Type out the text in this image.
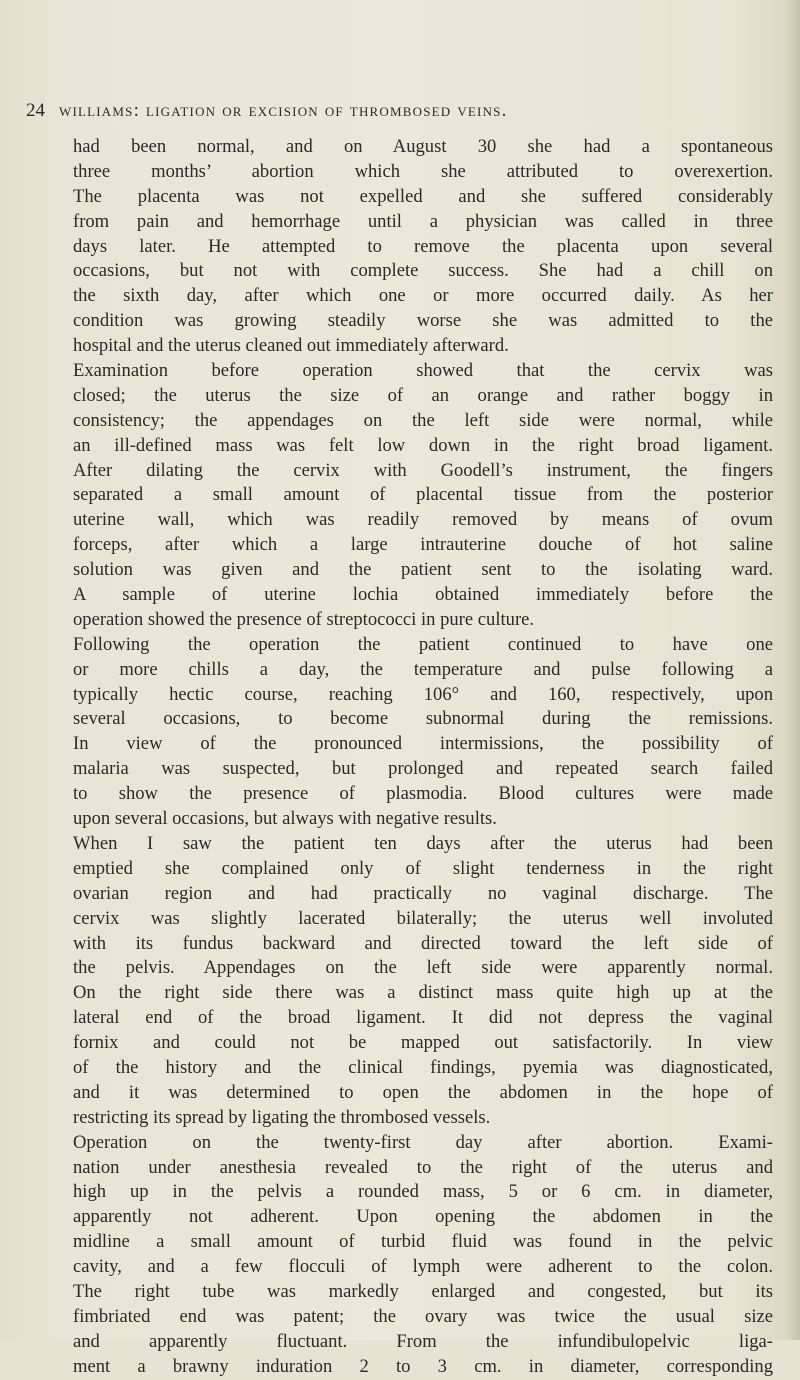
24 williams: ligation or excision of thrombosed veins.
had been normal, and on August 30 she had a spontaneous
three months’ abortion which she attributed to overexertion.
The placenta was not expelled and she suffered considerably
from pain and hemorrhage until a physician was called in three
days later. He attempted to remove the placenta upon several
occasions, but not with complete success. She had a chill on
the sixth day, after which one or more occurred daily. As her
condition was growing steadily worse she was admitted to the
hospital and the uterus cleaned out immediately afterward.
Examination before operation showed that the cervix was
closed; the uterus the size of an orange and rather boggy in
consistency; the appendages on the left side were normal, while
an ill-defined mass was felt low down in the right broad ligament.
After dilating the cervix with Goodell’s instrument, the fingers
separated a small amount of placental tissue from the posterior
uterine wall, which was readily removed by means of ovum
forceps, after which a large intrauterine douche of hot saline
solution was given and the patient sent to the isolating ward.
A sample of uterine lochia obtained immediately before the
operation showed the presence of streptococci in pure culture.
Following the operation the patient continued to have one
or more chills a day, the temperature and pulse following a
typically hectic course, reaching 106° and 160, respectively, upon
several occasions, to become subnormal during the remissions.
In view of the pronounced intermissions, the possibility of
malaria was suspected, but prolonged and repeated search failed
to show the presence of plasmodia. Blood cultures were made
upon several occasions, but always with negative results.
When I saw the patient ten days after the uterus had been
emptied she complained only of slight tenderness in the right
ovarian region and had practically no vaginal discharge. The
cervix was slightly lacerated bilaterally; the uterus well involuted
with its fundus backward and directed toward the left side of
the pelvis. Appendages on the left side were apparently normal.
On the right side there was a distinct mass quite high up at the
lateral end of the broad ligament. It did not depress the vaginal
fornix and could not be mapped out satisfactorily. In view
of the history and the clinical findings, pyemia was diagnosticated,
and it was determined to open the abdomen in the hope of
restricting its spread by ligating the thrombosed vessels.
Operation on the twenty-first day after abortion. Exami-
nation under anesthesia revealed to the right of the uterus and
high up in the pelvis a rounded mass, 5 or 6 cm. in diameter,
apparently not adherent. Upon opening the abdomen in the
midline a small amount of turbid fluid was found in the pelvic
cavity, and a few flocculi of lymph were adherent to the colon.
The right tube was markedly enlarged and congested, but its
fimbriated end was patent; the ovary was twice the usual size
and apparently fluctuant. From the infundibulopelvic liga-
ment a brawny induration 2 to 3 cm. in diameter, corresponding
